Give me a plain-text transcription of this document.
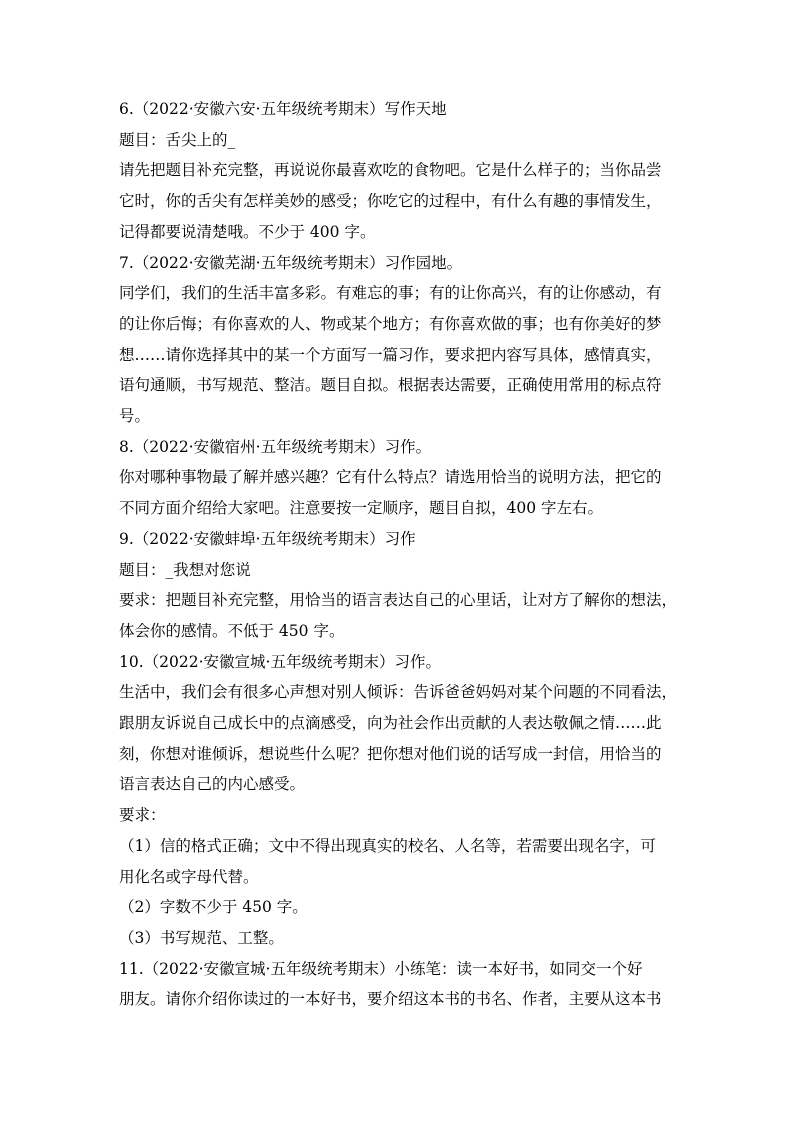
6.（2022·安徽六安·五年级统考期末）写作天地
题目：舌尖上的_
请先把题目补充完整，再说说你最喜欢吃的食物吧。它是什么样子的；当你品尝
它时，你的舌尖有怎样美妙的感受；你吃它的过程中，有什么有趣的事情发生，
记得都要说清楚哦。不少于 400 字。
7.（2022·安徽芜湖·五年级统考期末）习作园地。
同学们，我们的生活丰富多彩。有难忘的事；有的让你高兴，有的让你感动，有
的让你后悔；有你喜欢的人、物或某个地方；有你喜欢做的事；也有你美好的梦
想……请你选择其中的某一个方面写一篇习作，要求把内容写具体，感情真实，
语句通顺，书写规范、整洁。题目自拟。根据表达需要，正确使用常用的标点符
号。
8.（2022·安徽宿州·五年级统考期末）习作。
你对哪种事物最了解并感兴趣？它有什么特点？请选用恰当的说明方法，把它的
不同方面介绍给大家吧。注意要按一定顺序，题目自拟，400 字左右。
9.（2022·安徽蚌埠·五年级统考期末）习作
题目：_我想对您说
要求：把题目补充完整，用恰当的语言表达自己的心里话，让对方了解你的想法，
体会你的感情。不低于 450 字。
10.（2022·安徽宣城·五年级统考期末）习作。
生活中，我们会有很多心声想对别人倾诉：告诉爸爸妈妈对某个问题的不同看法，
跟朋友诉说自己成长中的点滴感受，向为社会作出贡献的人表达敬佩之情……此
刻，你想对谁倾诉，想说些什么呢？把你想对他们说的话写成一封信，用恰当的
语言表达自己的内心感受。
要求：
（1）信的格式正确；文中不得出现真实的校名、人名等，若需要出现名字，可
用化名或字母代替。
（2）字数不少于 450 字。
（3）书写规范、工整。
11.（2022·安徽宣城·五年级统考期末）小练笔：读一本好书，如同交一个好
朋友。请你介绍你读过的一本好书，要介绍这本书的书名、作者，主要从这本书
